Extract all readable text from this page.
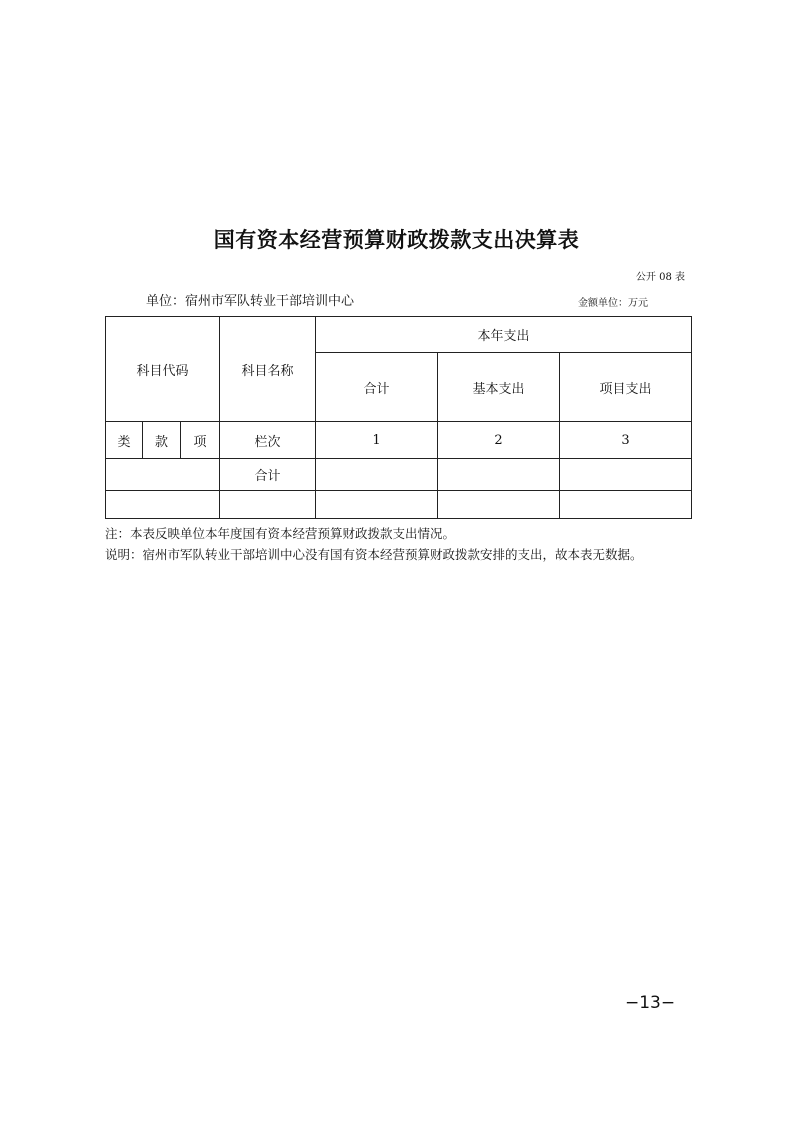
国有资本经营预算财政拨款支出决算表
公开 08 表
单位：宿州市军队转业干部培训中心	金额单位：万元
科目代码			科目名称	本年支出		
				合计	基本支出	项目支出
类	款	项	栏次	1	2	3
			合计			

注：本表反映单位本年度国有资本经营预算财政拨款支出情况。
说明：宿州市军队转业干部培训中心没有国有资本经营预算财政拨款安排的支出，故本表无数据。
−13−
